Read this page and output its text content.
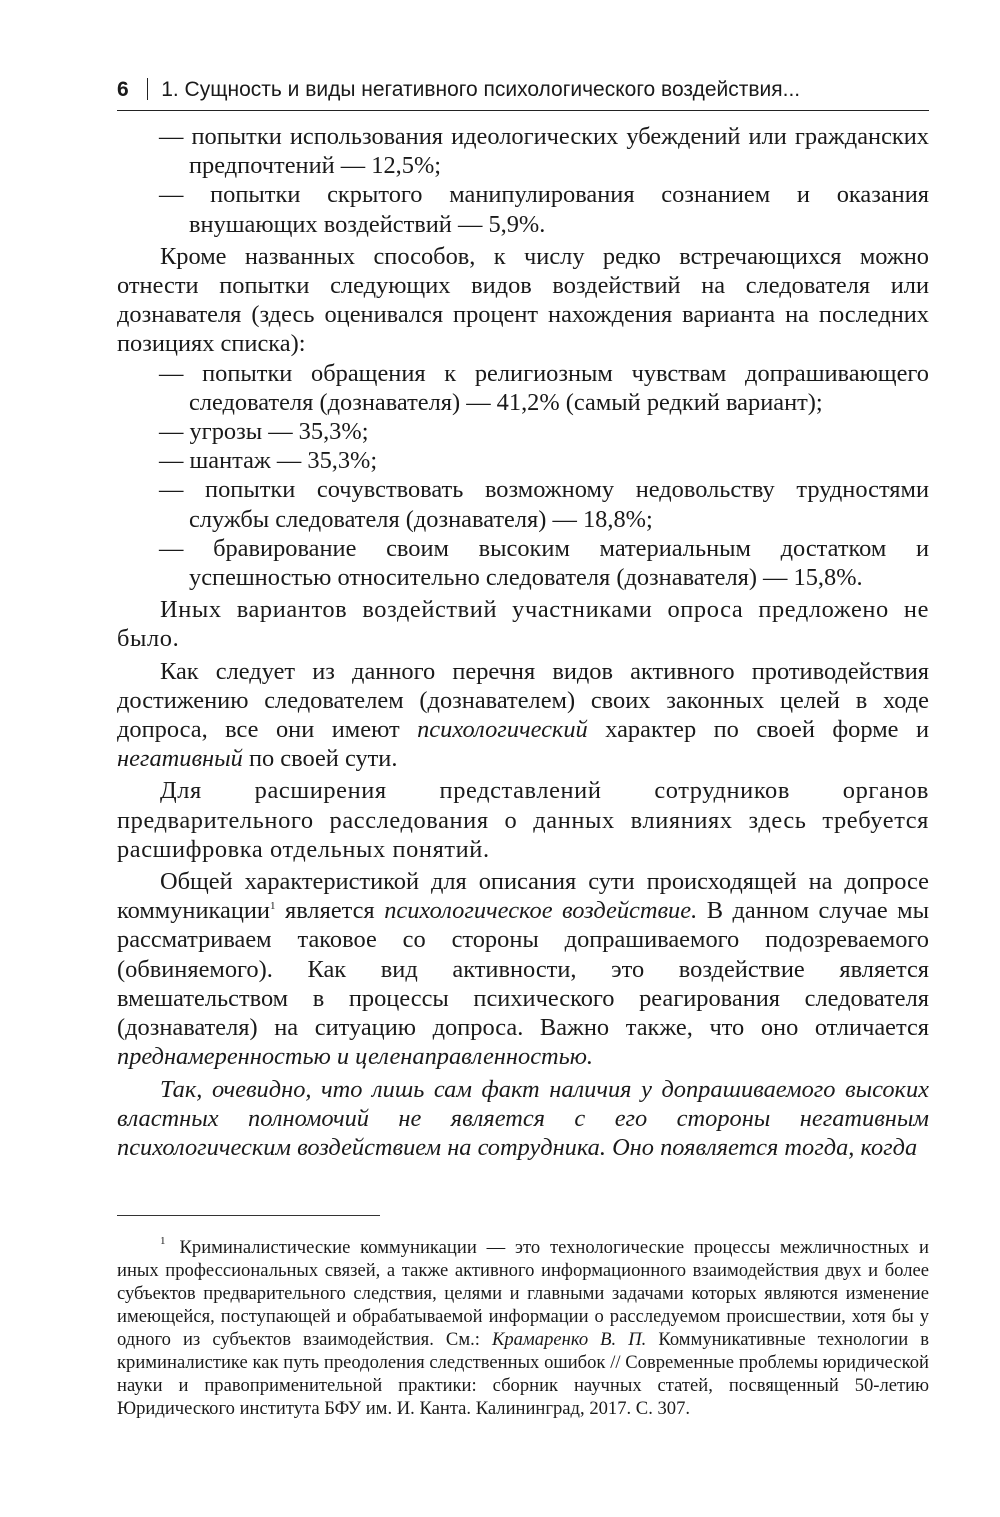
6 1. Сущность и виды негативного психологического воздействия...

— попытки использования идеологических убеждений или гражданских предпочтений — 12,5%;

— попытки скрытого манипулирования сознанием и оказания внушающих воздействий — 5,9%.

Кроме названных способов, к числу редко встречающихся можно отнести попытки следующих видов воздействий на следователя или дознавателя (здесь оценивался процент нахождения варианта на последних позициях списка):

— попытки обращения к религиозным чувствам допрашивающего следователя (дознавателя) — 41,2% (самый редкий вариант);

— угрозы — 35,3%;

— шантаж — 35,3%;

— попытки сочувствовать возможному недовольству трудностями службы следователя (дознавателя) — 18,8%;

— бравирование своим высоким материальным достатком и успешностью относительно следователя (дознавателя) — 15,8%.

Иных вариантов воздействий участниками опроса предложено не было.

Как следует из данного перечня видов активного противодействия достижению следователем (дознавателем) своих законных целей в ходе допроса, все они имеют психологический характер по своей форме и негативный по своей сути.

Для расширения представлений сотрудников органов предварительного расследования о данных влияниях здесь требуется расшифровка отдельных понятий.

Общей характеристикой для описания сути происходящей на допросе коммуникации$^1$ является психологическое воздействие. В данном случае мы рассматриваем таковое со стороны допрашиваемого подозреваемого (обвиняемого). Как вид активности, это воздействие является вмешательством в процессы психического реагирования следователя (дознавателя) на ситуацию допроса. Важно также, что оно отличается преднамеренностью и целенаправленностью.

Так, очевидно, что лишь сам факт наличия у допрашиваемого высоких властных полномочий не является с его стороны негативным психологическим воздействием на сотрудника. Оно появляется тогда, когда

$^1$ Криминалистические коммуникации — это технологические процессы межличностных и иных профессиональных связей, а также активного информационного взаимодействия двух и более субъектов предварительного следствия, целями и главными задачами которых являются изменение имеющейся, поступающей и обрабатываемой информации о расследуемом происшествии, хотя бы у одного из субъектов взаимодействия. См.: Крамаренко В. П. Коммуникативные технологии в криминалистике как путь преодоления следственных ошибок // Современные проблемы юридической науки и правоприменительной практики: сборник научных статей, посвященный 50-летию Юридического института БФУ им. И. Канта. Калининград, 2017. С. 307.
